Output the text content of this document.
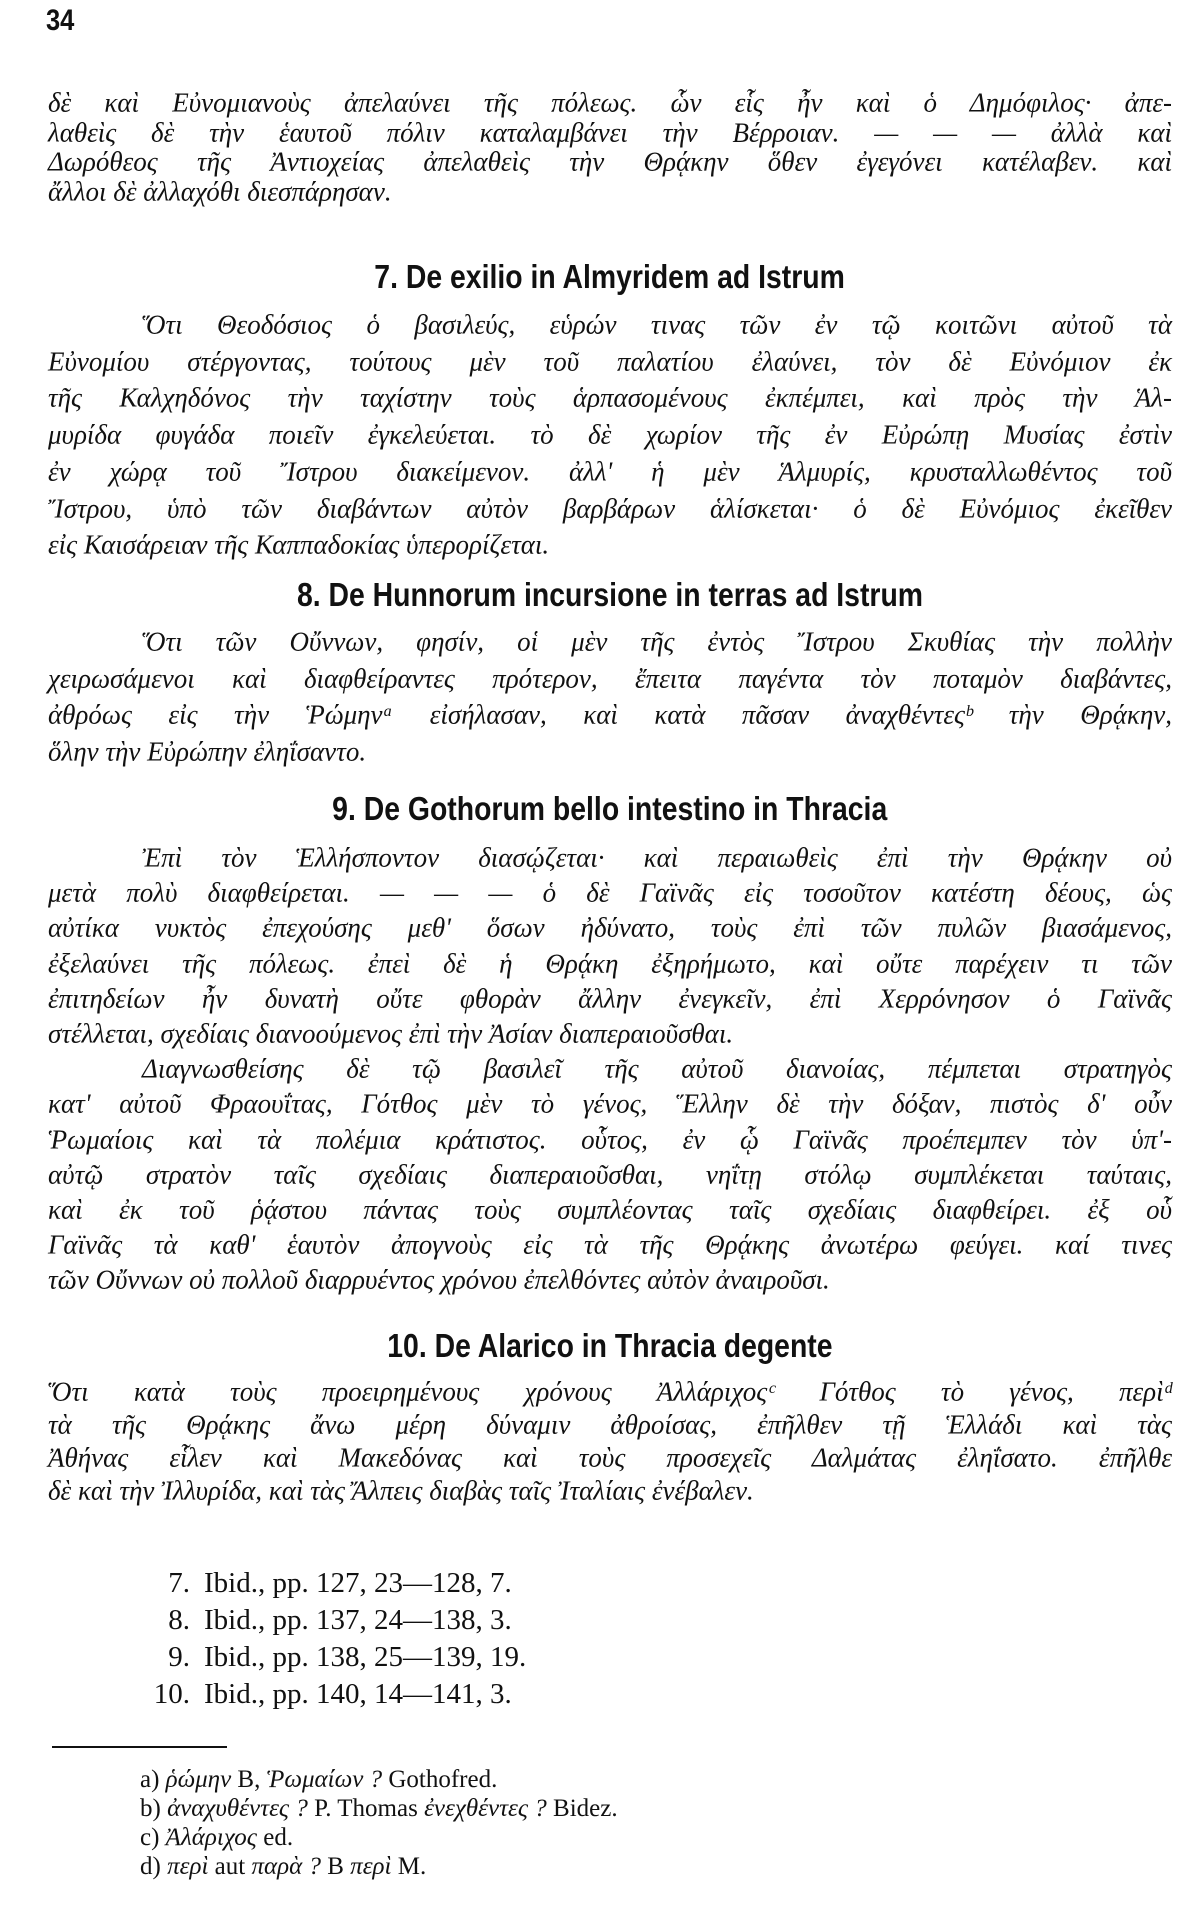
34
δὲ καὶ Εὐνομιανοὺς ἀπελαύνει τῆς πόλεως. ὧν εἷς ἦν καὶ ὁ Δημόφιλος· ἀπε-
λαθεὶς δὲ τὴν ἑαυτοῦ πόλιν καταλαμβάνει τὴν Βέρροιαν. — — — ἀλλὰ καὶ
Δωρόθεος τῆς Ἀντιοχείας ἀπελαθεὶς τὴν Θρᾴκην ὅθεν ἐγεγόνει κατέλαβεν. καὶ
ἄλλοι δὲ ἀλλαχόθι διεσπάρησαν.
Ὅτι Θεοδόσιος ὁ βασιλεύς, εὑρών τινας τῶν ἐν τῷ κοιτῶνι αὐτοῦ τὰ
Εὐνομίου στέργοντας, τούτους μὲν τοῦ παλατίου ἐλαύνει, τὸν δὲ Εὐνόμιον ἐκ
τῆς Καλχηδόνος τὴν ταχίστην τοὺς ἁρπασομένους ἐκπέμπει, καὶ πρὸς τὴν Ἁλ-
μυρίδα φυγάδα ποιεῖν ἐγκελεύεται. τὸ δὲ χωρίον τῆς ἐν Εὐρώπῃ Μυσίας ἐστὶν
ἐν χώρᾳ τοῦ Ἴστρου διακείμενον. ἀλλ' ἡ μὲν Ἁλμυρίς, κρυσταλλωθέντος τοῦ
Ἴστρου, ὑπὸ τῶν διαβάντων αὐτὸν βαρβάρων ἁλίσκεται· ὁ δὲ Εὐνόμιος ἐκεῖθεν
εἰς Καισάρειαν τῆς Καππαδοκίας ὑπερορίζεται.
Ὅτι τῶν Οὔννων, φησίν, οἱ μὲν τῆς ἐντὸς Ἴστρου Σκυθίας τὴν πολλὴν
χειρωσάμενοι καὶ διαφθείραντες πρότερον, ἔπειτα παγέντα τὸν ποταμὸν διαβάντες,
ἀθρόως εἰς τὴν Ῥώμηνᵃ εἰσήλασαν, καὶ κατὰ πᾶσαν ἀναχθέντεςᵇ τὴν Θρᾴκην,
ὅλην τὴν Εὐρώπην ἐληΐσαντο.
Ἐπὶ τὸν Ἑλλήσποντον διασῴζεται· καὶ περαιωθεὶς ἐπὶ τὴν Θρᾴκην οὐ
μετὰ πολὺ διαφθείρεται. — — — ὁ δὲ Γαϊνᾶς εἰς τοσοῦτον κατέστη δέους, ὡς
αὐτίκα νυκτὸς ἐπεχούσης μεθ' ὅσων ἠδύνατο, τοὺς ἐπὶ τῶν πυλῶν βιασάμενος,
ἐξελαύνει τῆς πόλεως. ἐπεὶ δὲ ἡ Θρᾴκη ἐξηρήμωτο, καὶ οὔτε παρέχειν τι τῶν
ἐπιτηδείων ἦν δυνατὴ οὔτε φθορὰν ἄλλην ἐνεγκεῖν, ἐπὶ Χερρόνησον ὁ Γαϊνᾶς
στέλλεται, σχεδίαις διανοούμενος ἐπὶ τὴν Ἀσίαν διαπεραιοῦσθαι.
Διαγνωσθείσης δὲ τῷ βασιλεῖ τῆς αὐτοῦ διανοίας, πέμπεται στρατηγὸς
κατ' αὐτοῦ Φραουΐτας, Γότθος μὲν τὸ γένος, Ἕλλην δὲ τὴν δόξαν, πιστὸς δ' οὖν
Ῥωμαίοις καὶ τὰ πολέμια κράτιστος. οὗτος, ἐν ᾧ Γαϊνᾶς προέπεμπεν τὸν ὑπ'-
αὐτῷ στρατὸν ταῖς σχεδίαις διαπεραιοῦσθαι, νηΐτῃ στόλῳ συμπλέκεται ταύταις,
καὶ ἐκ τοῦ ῥᾴστου πάντας τοὺς συμπλέοντας ταῖς σχεδίαις διαφθείρει. ἐξ οὗ
Γαϊνᾶς τὰ καθ' ἑαυτὸν ἀπογνοὺς εἰς τὰ τῆς Θρᾴκης ἀνωτέρω φεύγει. καί τινες
τῶν Οὔννων οὐ πολλοῦ διαρρυέντος χρόνου ἐπελθόντες αὐτὸν ἀναιροῦσι.
Ὅτι κατὰ τοὺς προειρημένους χρόνους Ἀλλάριχοςᶜ Γότθος τὸ γένος, περὶᵈ
τὰ τῆς Θρᾴκης ἄνω μέρη δύναμιν ἀθροίσας, ἐπῆλθεν τῇ Ἑλλάδι καὶ τὰς
Ἀθήνας εἷλεν καὶ Μακεδόνας καὶ τοὺς προσεχεῖς Δαλμάτας ἐληΐσατο. ἐπῆλθε
δὲ καὶ τὴν Ἰλλυρίδα, καὶ τὰς Ἄλπεις διαβὰς ταῖς Ἰταλίαις ἐνέβαλεν.
7. De exilio in Almyridem ad Istrum
8. De Hunnorum incursione in terras ad Istrum
9. De Gothorum bello intestino in Thracia
10. De Alarico in Thracia degente
7. Ibid., pp. 127, 23—128, 7.
8. Ibid., pp. 137, 24—138, 3.
9. Ibid., pp. 138, 25—139, 19.
10. Ibid., pp. 140, 14—141, 3.
a) ῥώμην B, Ῥωμαίων ? Gothofred.
b) ἀναχυθέντες ? P. Thomas ἐνεχθέντες ? Bidez.
c) Ἀλάριχος ed.
d) περὶ aut παρὰ ? B περὶ M.
